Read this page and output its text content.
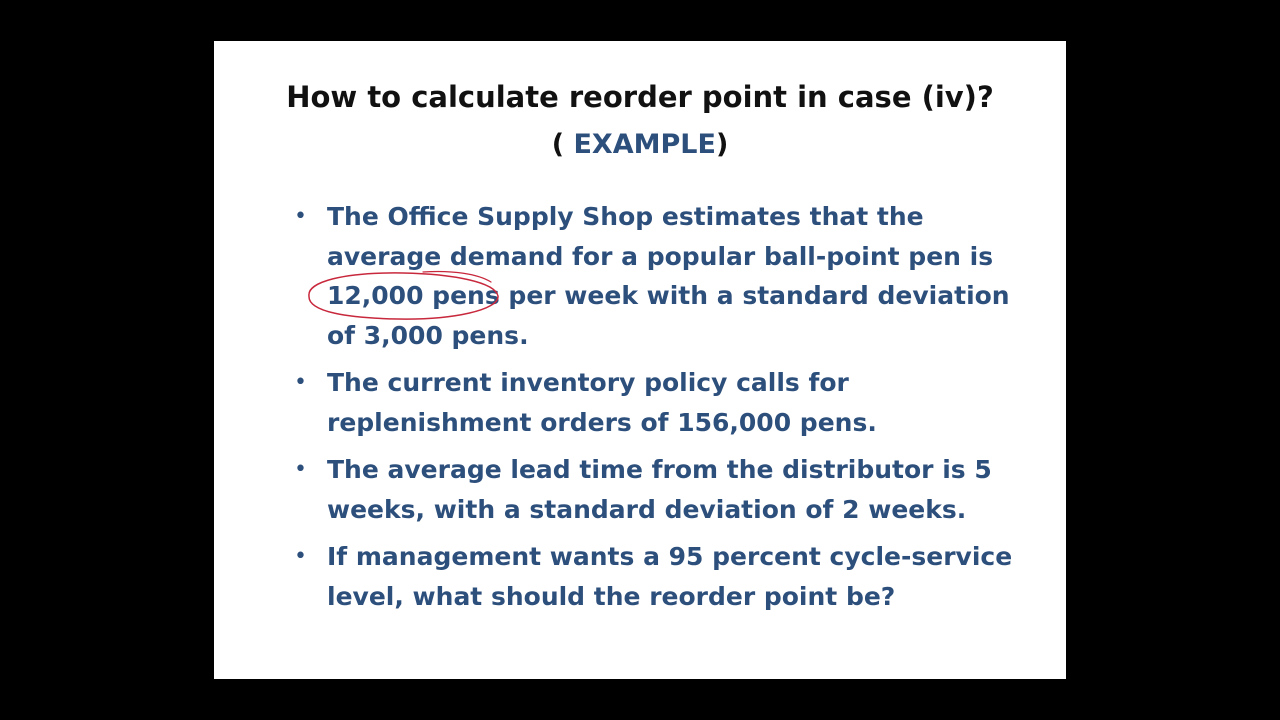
How to calculate reorder point in case (iv)?
( EXAMPLE)
• The Office Supply Shop estimates that the
average demand for a popular ball-point pen is
12,000 pens
per week with a standard deviation
of 3,000 pens.
• The current inventory policy calls for
replenishment orders of 156,000 pens.
• The average lead time from the distributor is 5
weeks, with a standard deviation of 2 weeks.
• If management wants a 95 percent cycle-service
level, what should the reorder point be?
